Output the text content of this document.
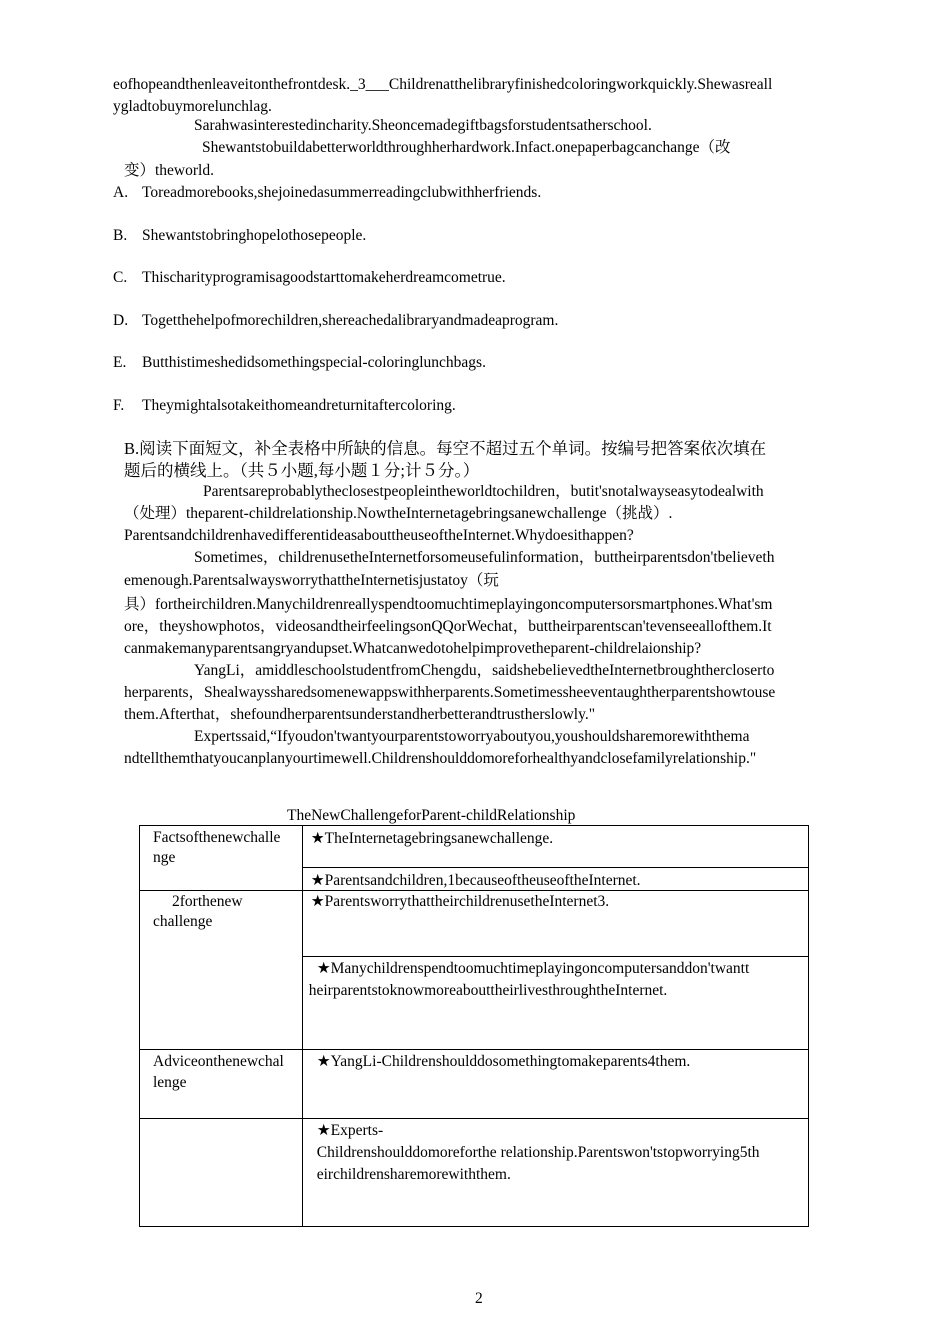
eofhopeandthenleaveitonthefrontdesk._3___Childrenatthelibraryfinishedcoloringworkquickly.Shewasreall
ygladtobuymorelunchlag.
Sarahwasinterestedincharity.Sheoncemadegiftbagsforstudentsatherschool.
Shewantstobuildabetterworldthroughherhardwork.Infact.onepaperbagcanchange（改
变）theworld.
A. Toreadmorebooks,shejoinedasummerreadingclubwithherfriends.
B. Shewantstobringhopelothosepeople.
C. Thischarityprogramisagoodstarttomakeherdreamcometrue.
D. Togetthehelpofmorechildren,shereachedalibraryandmadeaprogram.
E. Butthistimeshedidsomethingspecial-coloringlunchbags.
F. Theymightalsotakeithomeandreturnitaftercoloring.
B.阅读下面短文，补全表格中所缺的信息。每空不超过五个单词。按编号把答案依次填在
题后的横线上。（共５小题,每小题１分;计５分。）
Parentsareprobablytheclosestpeopleintheworldtochildren，butit'snotalwayseasytodealwith
（处理）theparent-childrelationship.NowtheInternetagebringsanewchallenge（挑战）.
ParentsandchildrenhavedifferentideasabouttheuseoftheInternet.Whydoesithappen?
Sometimes，childrenusetheInternetforsomeusefulinformation，buttheirparentsdon'tbelieveth
emenough.ParentsalwaysworrythattheInternetisjustatoy（玩
具）fortheirchildren.Manychildrenreallyspendtoomuchtimeplayingoncomputersorsmartphones.What'sm
ore，theyshowphotos，videosandtheirfeelingsonQQorWechat，buttheirparentscan'tevenseeallofthem.It
canmakemanyparentsangryandupset.Whatcanwedotohelpimprovetheparent-childrelaionship?
YangLi，amiddleschoolstudentfromChengdu，saidshebelievedtheInternetbroughthercloserto
herparents，Shealwayssharedsomenewappswithherparents.Sometimessheeventaughtherparentshowtouse
them.Afterthat，shefoundherparentsunderstandherbetterandtrustherslowly."
Expertssaid,“Ifyoudon'twantyourparentstoworryaboutyou,youshouldsharemorewiththema
ndtellthemthatyoucanplanyourtimewell.Childrenshoulddomoreforhealthyandclosefamilyrelationship."
TheNewChallengeforParent-childRelationship
Factsofthenewchalle
nge	★TheInternetagebringsanewchallenge.

	★Parentsandchildren,1becauseoftheuseoftheInternet.

2forthenew
challenge	★ParentsworrythattheirchildrenusetheInternet3.

	★Manychildrenspendtoomuchtimeplayingoncomputersanddon'twantt
heirparentstoknowmoreabouttheirlivesthroughtheInternet.

Adviceonthenewchal
lenge	★YangLi-Childrenshoulddosomethingtomakeparents4them.

	★Experts-
Childrenshoulddomoreforthe relationship.Parentswon'tstopworrying5th
eirchildrensharemorewiththem.
2
